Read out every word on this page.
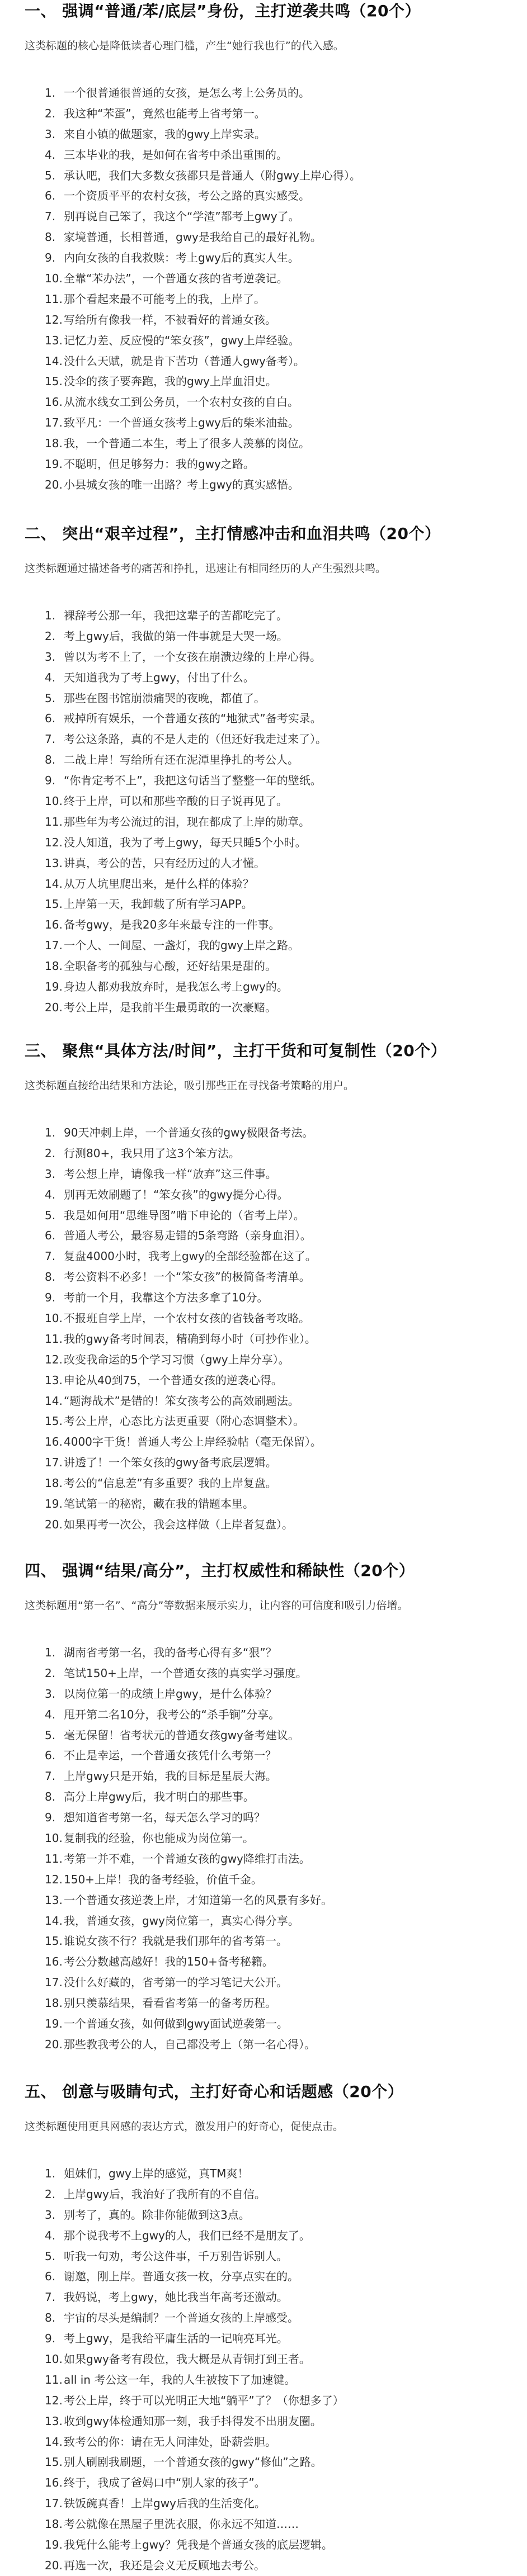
一、 强调“普通/苯/底层”身份，主打逆袭共鸣（20个）
这类标题的核心是降低读者心理门槛，产生“她行我也行”的代入感。
1. 一个很普通很普通的女孩，是怎么考上公务员的。
2. 我这种“苯蛋”，竟然也能考上省考第一。
3. 来自小镇的做题家，我的gwy上岸实录。
4. 三本毕业的我，是如何在省考中杀出重围的。
5. 承认吧，我们大多数女孩都只是普通人（附gwy上岸心得）。
6. 一个资质平平的农村女孩，考公之路的真实感受。
7. 别再说自己笨了，我这个“学渣”都考上gwy了。
8. 家境普通，长相普通，gwy是我给自己的最好礼物。
9. 内向女孩的自我救赎：考上gwy后的真实人生。
10. 全靠“苯办法”，一个普通女孩的省考逆袭记。
11. 那个看起来最不可能考上的我，上岸了。
12. 写给所有像我一样，不被看好的普通女孩。
13. 记忆力差、反应慢的“笨女孩”，gwy上岸经验。
14. 没什么天赋，就是肯下苦功（普通人gwy备考）。
15. 没伞的孩子要奔跑，我的gwy上岸血泪史。
16. 从流水线女工到公务员，一个农村女孩的自白。
17. 致平凡：一个普通女孩考上gwy后的柴米油盐。
18. 我，一个普通二本生，考上了很多人羡慕的岗位。
19. 不聪明，但足够努力：我的gwy之路。
20. 小县城女孩的唯一出路？考上gwy的真实感悟。
二、 突出“艰辛过程”，主打情感冲击和血泪共鸣（20个）
这类标题通过描述备考的痛苦和挣扎，迅速让有相同经历的人产生强烈共鸣。
1. 裸辞考公那一年，我把这辈子的苦都吃完了。
2. 考上gwy后，我做的第一件事就是大哭一场。
3. 曾以为考不上了，一个女孩在崩溃边缘的上岸心得。
4. 天知道我为了考上gwy，付出了什么。
5. 那些在图书馆崩溃痛哭的夜晚，都值了。
6. 戒掉所有娱乐，一个普通女孩的“地狱式”备考实录。
7. 考公这条路，真的不是人走的（但还好我走过来了）。
8. 二战上岸！写给所有还在泥潭里挣扎的考公人。
9. “你肯定考不上”，我把这句话当了整整一年的壁纸。
10. 终于上岸，可以和那些辛酸的日子说再见了。
11. 那些年为考公流过的泪，现在都成了上岸的勋章。
12. 没人知道，我为了考上gwy，每天只睡5个小时。
13. 讲真，考公的苦，只有经历过的人才懂。
14. 从万人坑里爬出来，是什么样的体验？
15. 上岸第一天，我卸载了所有学习APP。
16. 备考gwy，是我20多年来最专注的一件事。
17. 一个人、一间屋、一盏灯，我的gwy上岸之路。
18. 全职备考的孤独与心酸，还好结果是甜的。
19. 身边人都劝我放弃时，是我怎么考上gwy的。
20. 考公上岸，是我前半生最勇敢的一次豪赌。
三、 聚焦“具体方法/时间”，主打干货和可复制性（20个）
这类标题直接给出结果和方法论，吸引那些正在寻找备考策略的用户。
1. 90天冲刺上岸，一个普通女孩的gwy极限备考法。
2. 行测80+，我只用了这3个笨方法。
3. 考公想上岸，请像我一样“放弃”这三件事。
4. 别再无效刷题了！“笨女孩”的gwy提分心得。
5. 我是如何用“思维导图”啃下申论的（省考上岸）。
6. 普通人考公，最容易走错的5条弯路（亲身血泪）。
7. 复盘4000小时，我考上gwy的全部经验都在这了。
8. 考公资料不必多！一个“笨女孩”的极简备考清单。
9. 考前一个月，我靠这个方法多拿了10分。
10. 不报班自学上岸，一个农村女孩的省钱备考攻略。
11. 我的gwy备考时间表，精确到每小时（可抄作业）。
12. 改变我命运的5个学习习惯（gwy上岸分享）。
13. 申论从40到75，一个普通女孩的逆袭心得。
14. “题海战术”是错的！笨女孩考公的高效刷题法。
15. 考公上岸，心态比方法更重要（附心态调整术）。
16. 4000字干货！普通人考公上岸经验帖（毫无保留）。
17. 讲透了！一个笨女孩的gwy备考底层逻辑。
18. 考公的“信息差”有多重要？我的上岸复盘。
19. 笔试第一的秘密，藏在我的错题本里。
20. 如果再考一次公，我会这样做（上岸者复盘）。
四、 强调“结果/高分”，主打权威性和稀缺性（20个）
这类标题用“第一名”、“高分”等数据来展示实力，让内容的可信度和吸引力倍增。
1. 湖南省考第一名，我的备考心得有多“狠”？
2. 笔试150+上岸，一个普通女孩的真实学习强度。
3. 以岗位第一的成绩上岸gwy，是什么体验？
4. 甩开第二名10分，我考公的“杀手锏”分享。
5. 毫无保留！省考状元的普通女孩gwy备考建议。
6. 不止是幸运，一个普通女孩凭什么考第一？
7. 上岸gwy只是开始，我的目标是星辰大海。
8. 高分上岸gwy后，我才明白的那些事。
9. 想知道省考第一名，每天怎么学习的吗？
10. 复制我的经验，你也能成为岗位第一。
11. 考第一并不难，一个普通女孩的gwy降维打击法。
12. 150+上岸！我的备考经验，价值千金。
13. 一个普通女孩逆袭上岸，才知道第一名的风景有多好。
14. 我，普通女孩，gwy岗位第一，真实心得分享。
15. 谁说女孩不行？我就是我们那年的省考第一。
16. 考公分数越高越好！我的150+备考秘籍。
17. 没什么好藏的，省考第一的学习笔记大公开。
18. 别只羡慕结果，看看省考第一的备考历程。
19. 一个普通女孩，如何做到gwy面试逆袭第一。
20. 那些教我考公的人，自己都没考上（第一名心得）。
五、 创意与吸睛句式，主打好奇心和话题感（20个）
这类标题使用更具网感的表达方式，激发用户的好奇心，促使点击。
1. 姐妹们，gwy上岸的感觉，真TM爽！
2. 上岸gwy后，我治好了我所有的不自信。
3. 别考了，真的。除非你能做到这3点。
4. 那个说我考不上gwy的人，我们已经不是朋友了。
5. 听我一句劝，考公这件事，千万别告诉别人。
6. 谢邀，刚上岸。普通女孩一枚，分享点实在的。
7. 我妈说，考上gwy，她比我当年高考还激动。
8. 宇宙的尽头是编制？一个普通女孩的上岸感受。
9. 考上gwy，是我给平庸生活的一记响亮耳光。
10. 如果gwy备考有段位，我大概是从青铜打到王者。
11. all in 考公这一年，我的人生被按下了加速键。
12. 考公上岸，终于可以光明正大地“躺平”了？（你想多了）
13. 收到gwy体检通知那一刻，我手抖得发不出朋友圈。
14. 致考公的你：请在无人问津处，卧薪尝胆。
15. 别人刷剧我刷题，一个普通女孩的gwy“修仙”之路。
16. 终于，我成了爸妈口中“别人家的孩子”。
17. 铁饭碗真香！上岸gwy后我的生活变化。
18. 考公就像在黑屋子里洗衣服，你永远不知道……
19. 我凭什么能考上gwy？凭我是个普通女孩的底层逻辑。
20. 再选一次，我还是会义无反顾地去考公。
